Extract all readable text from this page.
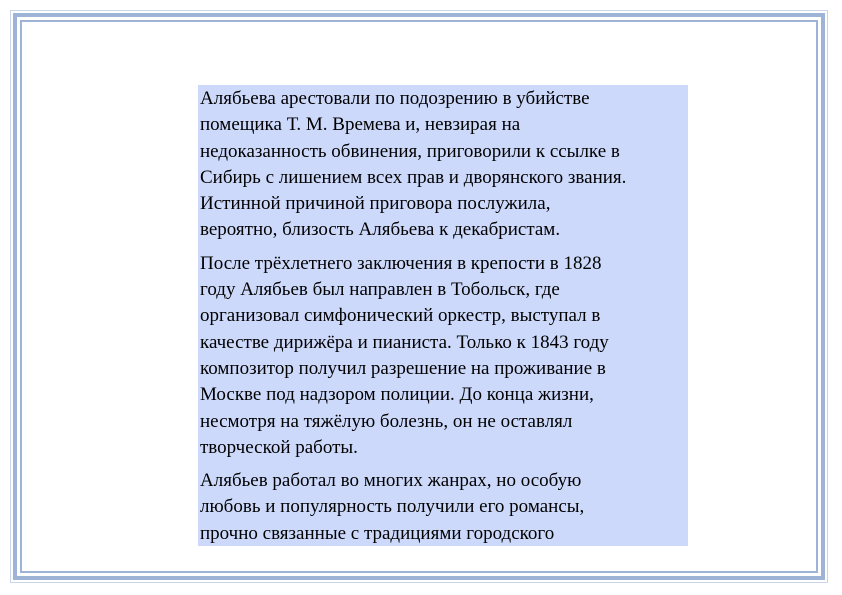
Алябьева арестовали по подозрению в убийстве
помещика Т. М. Времева и, невзирая на
недоказанность обвинения, приговорили к ссылке в
Сибирь с лишением всех прав и дворянского звания.
Истинной причиной приговора послужила,
вероятно, близость Алябьева к декабристам.

После трёхлетнего заключения в крепости в 1828
году Алябьев был направлен в Тобольск, где
организовал симфонический оркестр, выступал в
качестве дирижёра и пианиста. Только к 1843 году
композитор получил разрешение на проживание в
Москве под надзором полиции. До конца жизни,
несмотря на тяжёлую болезнь, он не оставлял
творческой работы.

Алябьев работал во многих жанрах, но особую
любовь и популярность получили его романсы,
прочно связанные с традициями городского
